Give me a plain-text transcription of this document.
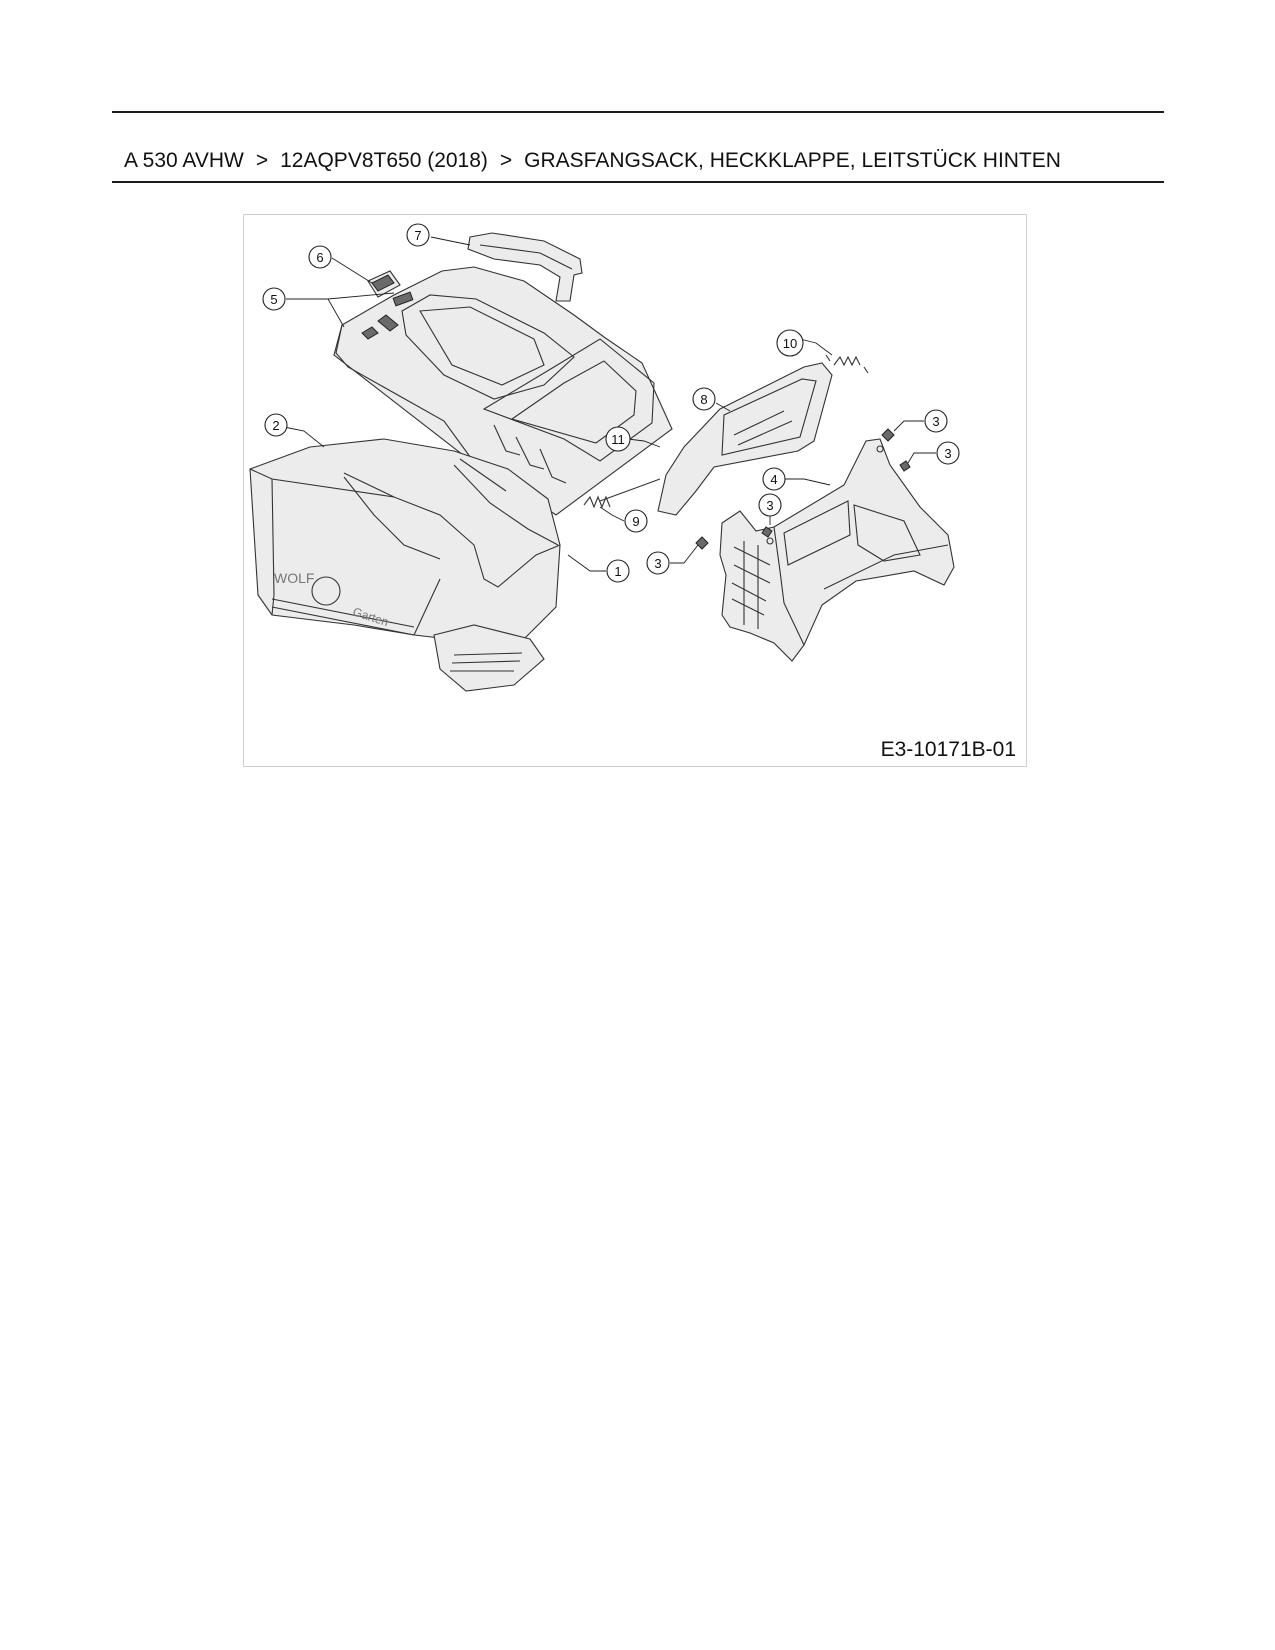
A 530 AVHW > 12AQPV8T650 (2018) > GRASFANGSACK, HECKKLAPPE, LEITSTÜCK HINTEN
WOLF
Garten
7
6
5
2
1
8
10
11
9
4
3
3
3
3
E3-10171B-01
